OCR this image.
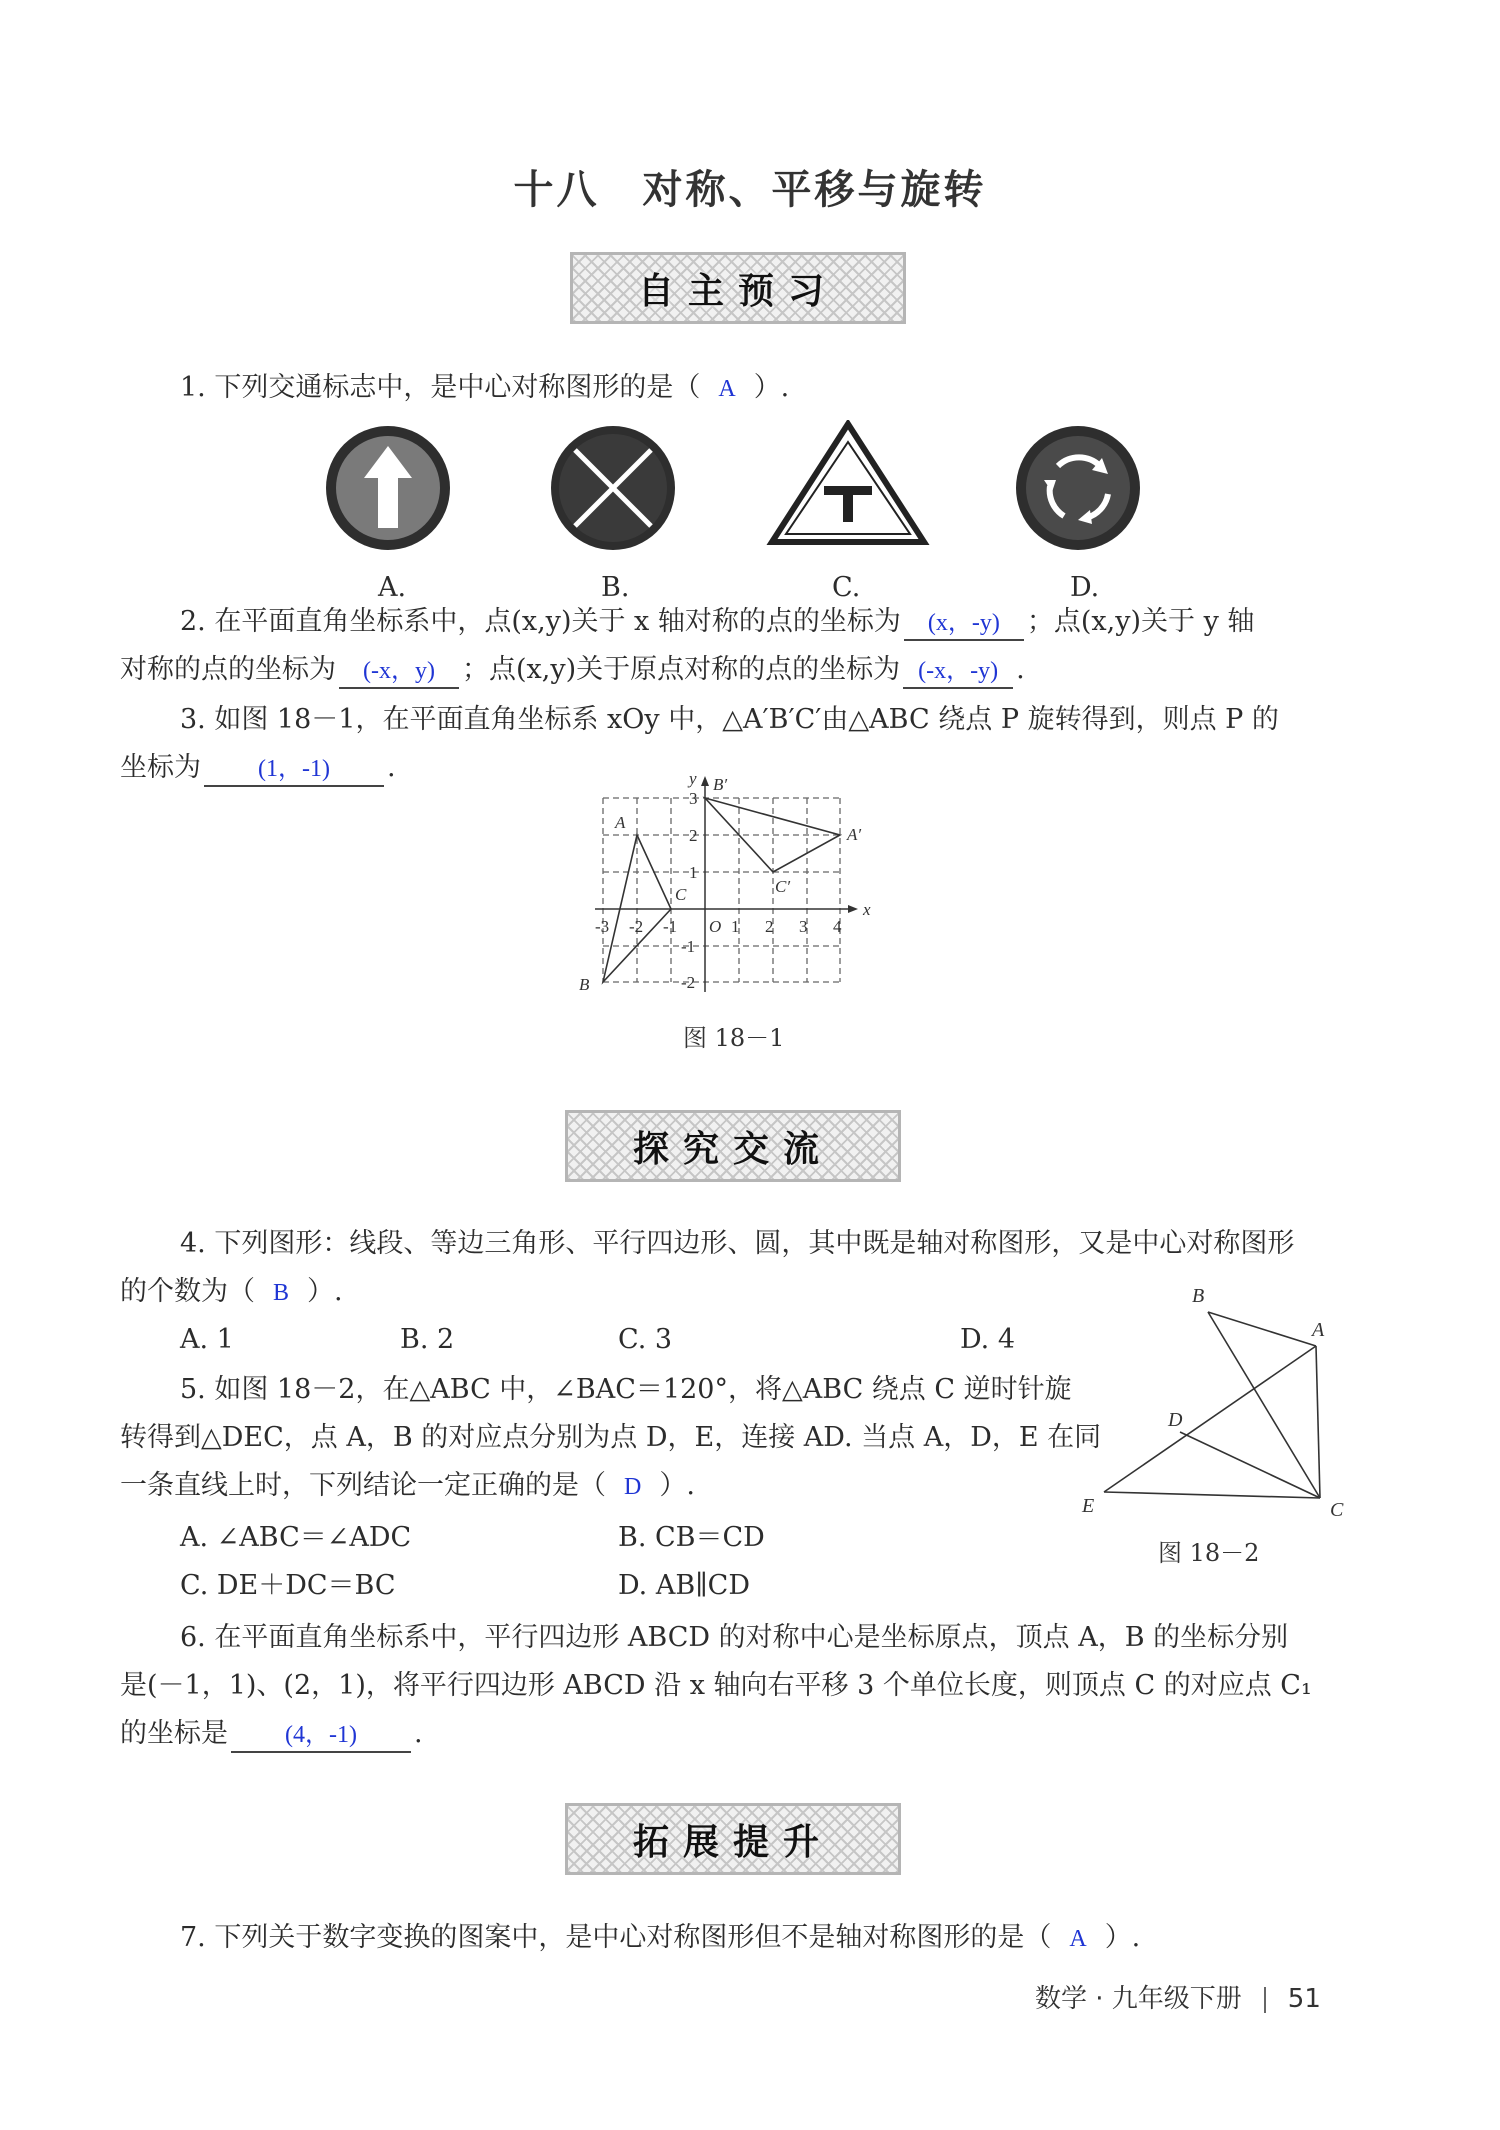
十八　对称、平移与旋转
自主预习
1. 下列交通标志中，是中心对称图形的是（ A ）.
A.	B.	C.	D.
2. 在平面直角坐标系中，点(x,y)关于 x 轴对称的点的坐标为 (x，-y) ；点(x,y)关于 y 轴
对称的点的坐标为 (-x，y) ；点(x,y)关于原点对称的点的坐标为 (-x，-y) .
3. 如图 18－1，在平面直角坐标系 xOy 中，△A′B′C′由△ABC 绕点 P 旋转得到，则点 P 的
坐标为 (1，-1) .
x
y
-3 -2 -1 O 1 2 3 4
3
2
1
-1
-2
A
B
C
A′
B′
C′
图 18－1
探究交流
4. 下列图形：线段、等边三角形、平行四边形、圆，其中既是轴对称图形，又是中心对称图形
的个数为（ B ）.
A. 1	B. 2	C. 3	D. 4
B
A
D
E	C
图 18－2
5. 如图 18－2，在△ABC 中，∠BAC＝120°，将△ABC 绕点 C 逆时针旋
转得到△DEC，点 A，B 的对应点分别为点 D，E，连接 AD. 当点 A，D，E 在同
一条直线上时，下列结论一定正确的是（ D ）.
A. ∠ABC＝∠ADC	B. CB＝CD
C. DE＋DC＝BC	D. AB∥CD
6. 在平面直角坐标系中，平行四边形 ABCD 的对称中心是坐标原点，顶点 A，B 的坐标分别
是(－1，1)、(2，1)，将平行四边形 ABCD 沿 x 轴向右平移 3 个单位长度，则顶点 C 的对应点 C₁
的坐标是 (4，-1) .
拓展提升
7. 下列关于数字变换的图案中，是中心对称图形但不是轴对称图形的是（ A ）.
数学 · 九年级下册 51
